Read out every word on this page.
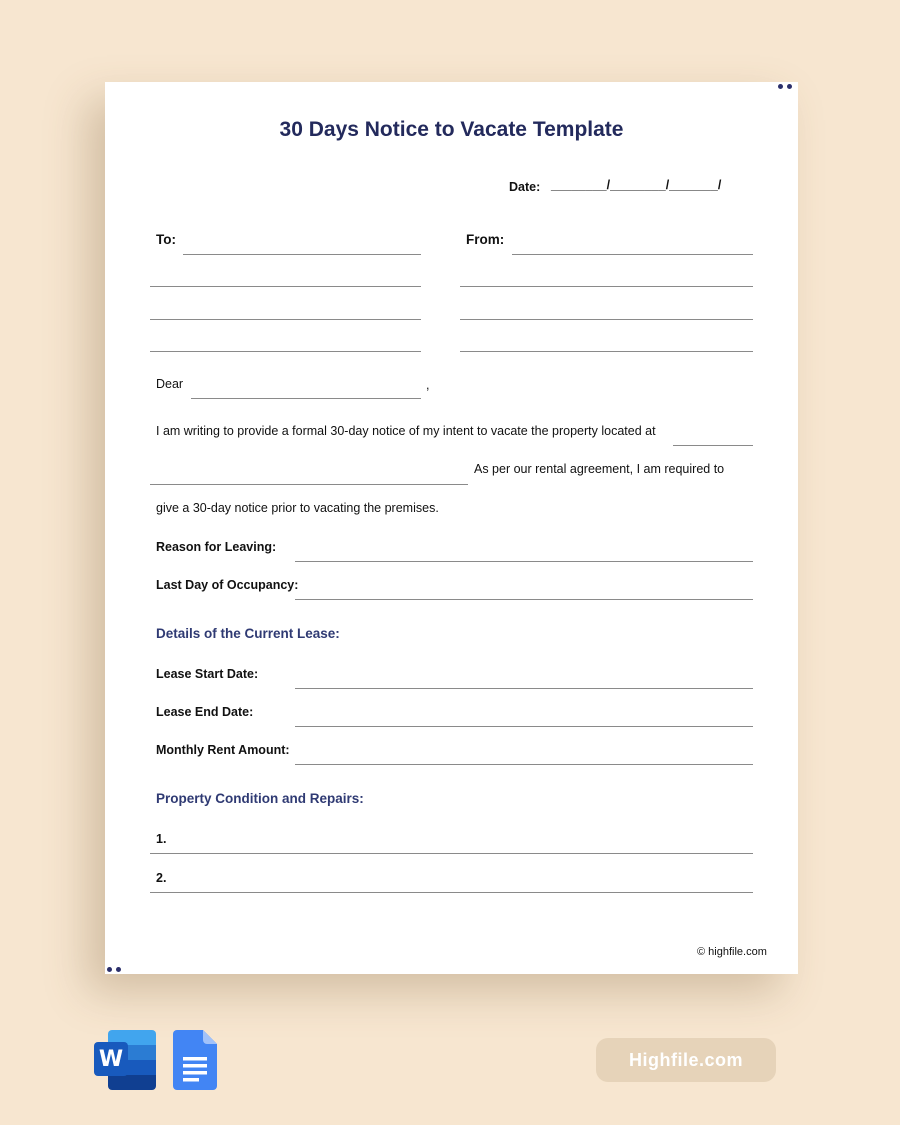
30 Days Notice to Vacate Template
Date: ________/________/_______/
To:	From:
Dear	,
I am writing to provide a formal 30-day notice of my intent to vacate the property located at
As per our rental agreement, I am required to
give a 30-day notice prior to vacating the premises.
Reason for Leaving:
Last Day of Occupancy:
Details of the Current Lease:
Lease Start Date:
Lease End Date:
Monthly Rent Amount:
Property Condition and Repairs:
1.
2.
© highfile.com
W	Highfile.com
